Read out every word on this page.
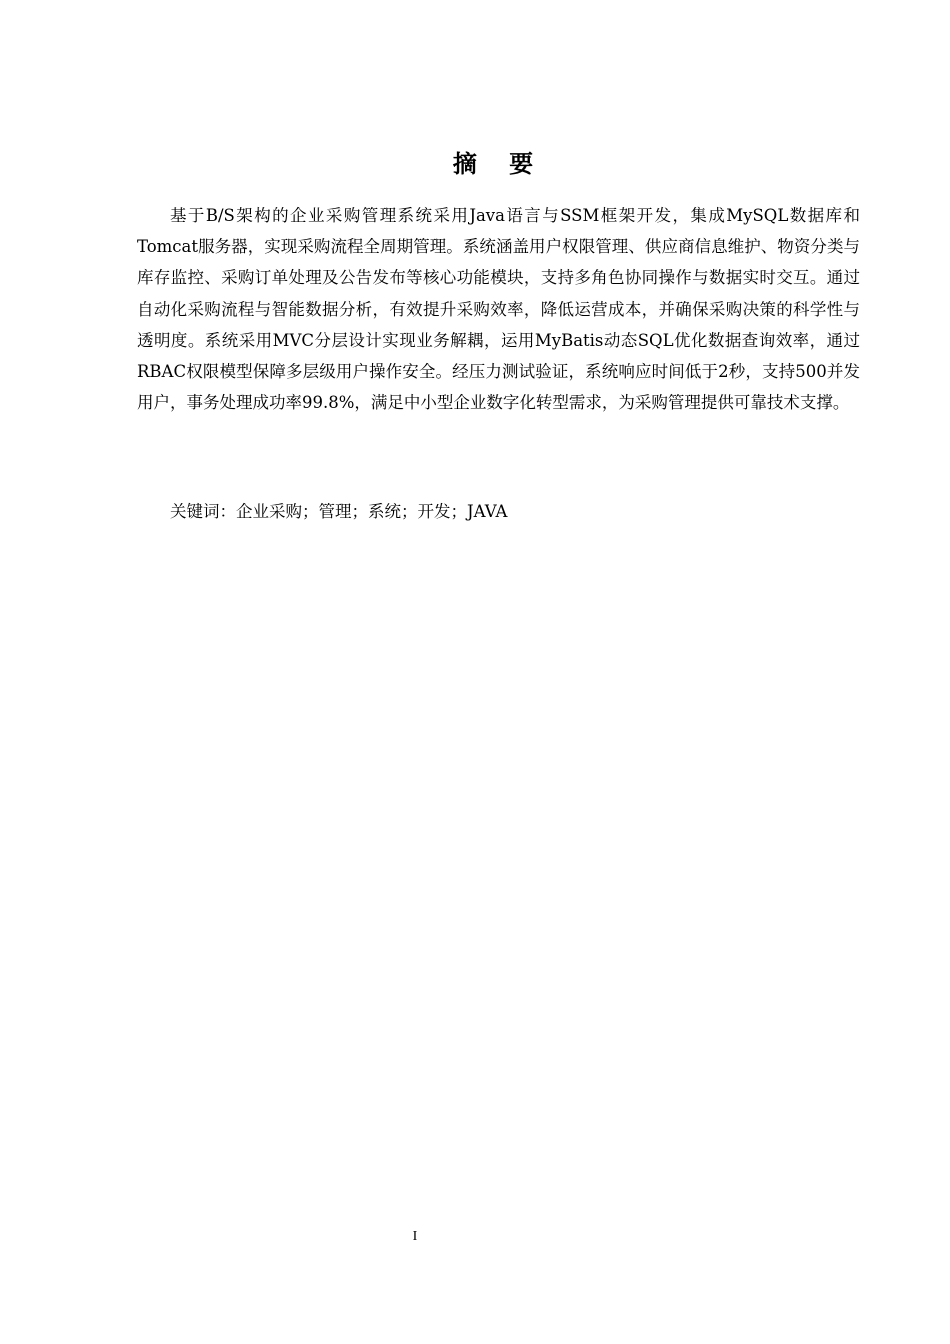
摘 要

基于B/S架构的企业采购管理系统采用Java语言与SSM框架开发，集成MySQL数据库和Tomcat服务器，实现采购流程全周期管理。系统涵盖用户权限管理、供应商信息维护、物资分类与库存监控、采购订单处理及公告发布等核心功能模块，支持多角色协同操作与数据实时交互。通过自动化采购流程与智能数据分析，有效提升采购效率，降低运营成本，并确保采购决策的科学性与透明度。系统采用MVC分层设计实现业务解耦，运用MyBatis动态SQL优化数据查询效率，通过RBAC权限模型保障多层级用户操作安全。经压力测试验证，系统响应时间低于2秒，支持500并发用户，事务处理成功率99.8%，满足中小型企业数字化转型需求，为采购管理提供可靠技术支撑。

关键词：企业采购；管理；系统；开发；JAVA

I
